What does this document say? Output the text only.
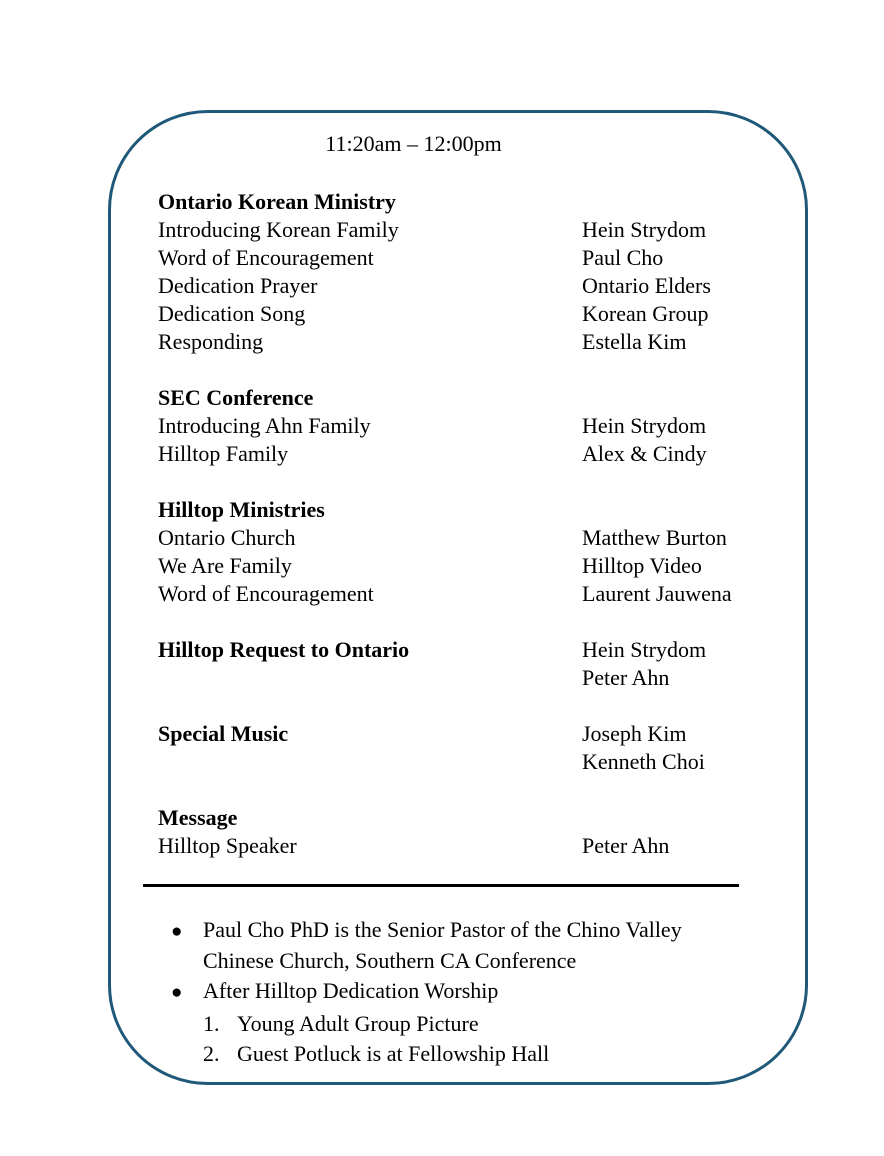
11:20am – 12:00pm
Ontario Korean Ministry
Introducing Korean Family	Hein Strydom
Word of Encouragement	Paul Cho
Dedication Prayer	Ontario Elders
Dedication Song	Korean Group
Responding	Estella Kim
SEC Conference
Introducing Ahn Family	Hein Strydom
Hilltop Family	Alex & Cindy
Hilltop Ministries
Ontario Church	Matthew Burton
We Are Family	Hilltop Video
Word of Encouragement	Laurent Jauwena
Hilltop Request to Ontario	Hein Strydom
Peter Ahn
Special Music	Joseph Kim
Kenneth Choi
Message
Hilltop Speaker	Peter Ahn
● Paul Cho PhD is the Senior Pastor of the Chino Valley Chinese Church, Southern CA Conference
● After Hilltop Dedication Worship
1. Young Adult Group Picture
2. Guest Potluck is at Fellowship Hall
